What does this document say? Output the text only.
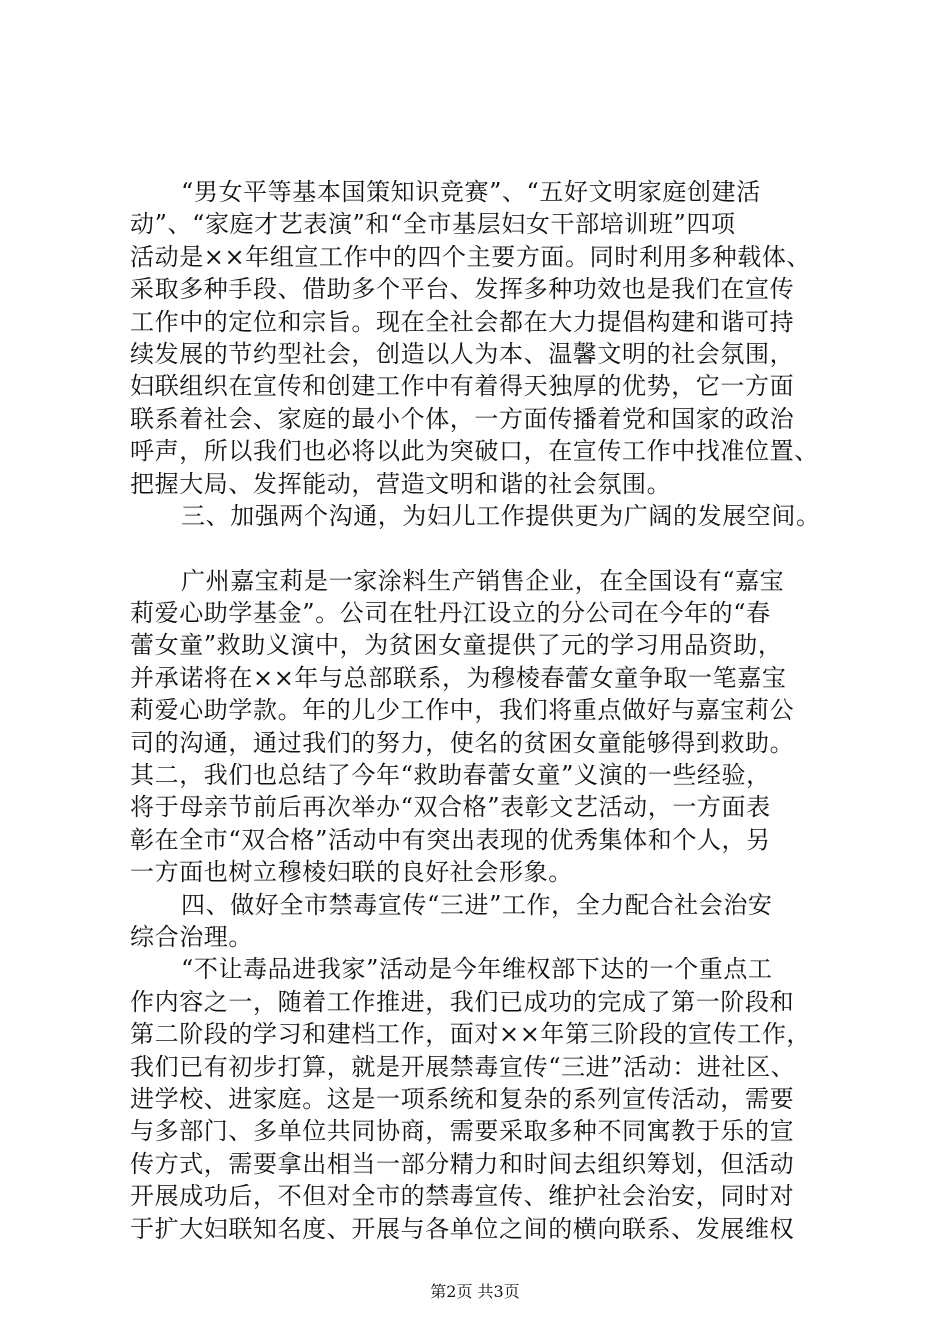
“男女平等基本国策知识竞赛”、“五好文明家庭创建活
动”、“家庭才艺表演”和“全市基层妇女干部培训班”四项
活动是××年组宣工作中的四个主要方面。同时利用多种载体、
采取多种手段、借助多个平台、发挥多种功效也是我们在宣传
工作中的定位和宗旨。现在全社会都在大力提倡构建和谐可持
续发展的节约型社会，创造以人为本、温馨文明的社会氛围，
妇联组织在宣传和创建工作中有着得天独厚的优势，它一方面
联系着社会、家庭的最小个体，一方面传播着党和国家的政治
呼声，所以我们也必将以此为突破口，在宣传工作中找准位置、
把握大局、发挥能动，营造文明和谐的社会氛围。
三、加强两个沟通，为妇儿工作提供更为广阔的发展空间。
广州嘉宝莉是一家涂料生产销售企业，在全国设有“嘉宝
莉爱心助学基金”。公司在牡丹江设立的分公司在今年的“春
蕾女童”救助义演中，为贫困女童提供了元的学习用品资助，
并承诺将在××年与总部联系，为穆棱春蕾女童争取一笔嘉宝
莉爱心助学款。年的儿少工作中，我们将重点做好与嘉宝莉公
司的沟通，通过我们的努力，使名的贫困女童能够得到救助。
其二，我们也总结了今年“救助春蕾女童”义演的一些经验，
将于母亲节前后再次举办“双合格”表彰文艺活动，一方面表
彰在全市“双合格”活动中有突出表现的优秀集体和个人，另
一方面也树立穆棱妇联的良好社会形象。
四、做好全市禁毒宣传“三进”工作，全力配合社会治安
综合治理。
“不让毒品进我家”活动是今年维权部下达的一个重点工
作内容之一，随着工作推进，我们已成功的完成了第一阶段和
第二阶段的学习和建档工作，面对××年第三阶段的宣传工作，
我们已有初步打算，就是开展禁毒宣传“三进”活动：进社区、
进学校、进家庭。这是一项系统和复杂的系列宣传活动，需要
与多部门、多单位共同协商，需要采取多种不同寓教于乐的宣
传方式，需要拿出相当一部分精力和时间去组织筹划，但活动
开展成功后，不但对全市的禁毒宣传、维护社会治安，同时对
于扩大妇联知名度、开展与各单位之间的横向联系、发展维权
第2页 共3页
